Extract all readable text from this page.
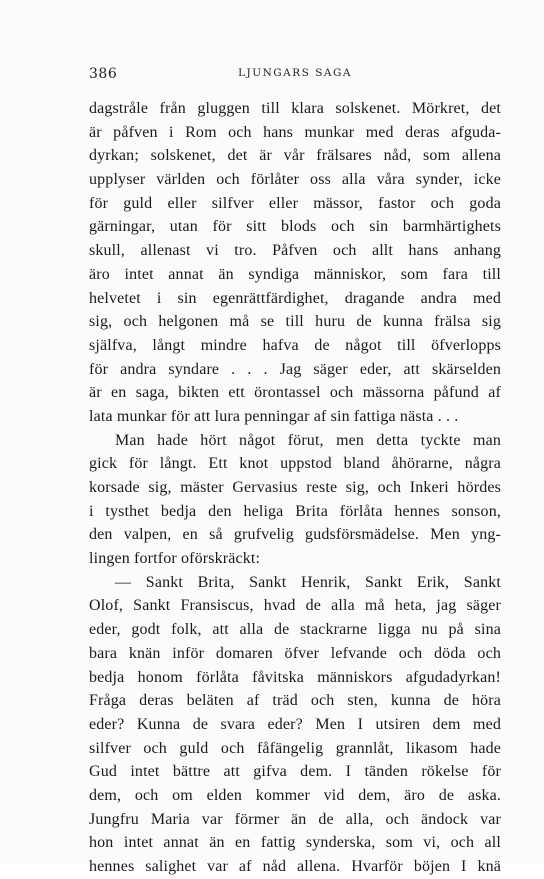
386	LJUNGARS SAGA
dagstråle från gluggen till klara solskenet. Mörkret, det
är påfven i Rom och hans munkar med deras afguda-
dyrkan; solskenet, det är vår frälsares nåd, som allena
upplyser världen och förlåter oss alla våra synder, icke
för guld eller silfver eller mässor, fastor och goda
gärningar, utan för sitt blods och sin barmhärtighets
skull, allenast vi tro. Påfven och allt hans anhang
äro intet annat än syndiga människor, som fara till
helvetet i sin egenrättfärdighet, dragande andra med
sig, och helgonen må se till huru de kunna frälsa sig
själfva, långt mindre hafva de något till öfverlopps
för andra syndare . . . Jag säger eder, att skärselden
är en saga, bikten ett örontassel och mässorna påfund af
lata munkar för att lura penningar af sin fattiga nästa . . .
Man hade hört något förut, men detta tyckte man
gick för långt. Ett knot uppstod bland åhörarne, några
korsade sig, mäster Gervasius reste sig, och Inkeri hördes
i tysthet bedja den heliga Brita förlåta hennes sonson,
den valpen, en så grufvelig gudsförsmädelse. Men yng-
lingen fortfor oförskräckt:
— Sankt Brita, Sankt Henrik, Sankt Erik, Sankt
Olof, Sankt Fransiscus, hvad de alla må heta, jag säger
eder, godt folk, att alla de stackrarne ligga nu på sina
bara knän inför domaren öfver lefvande och döda och
bedja honom förlåta fåvitska människors afgudadyrkan!
Fråga deras beläten af träd och sten, kunna de höra
eder? Kunna de svara eder? Men I utsiren dem med
silfver och guld och fåfängelig grannlåt, likasom hade
Gud intet bättre att gifva dem. I tänden rökelse för
dem, och om elden kommer vid dem, äro de aska.
Jungfru Maria var förmer än de alla, och ändock var
hon intet annat än en fattig synderska, som vi, och all
hennes salighet var af nåd allena. Hvarför böjen I knä
